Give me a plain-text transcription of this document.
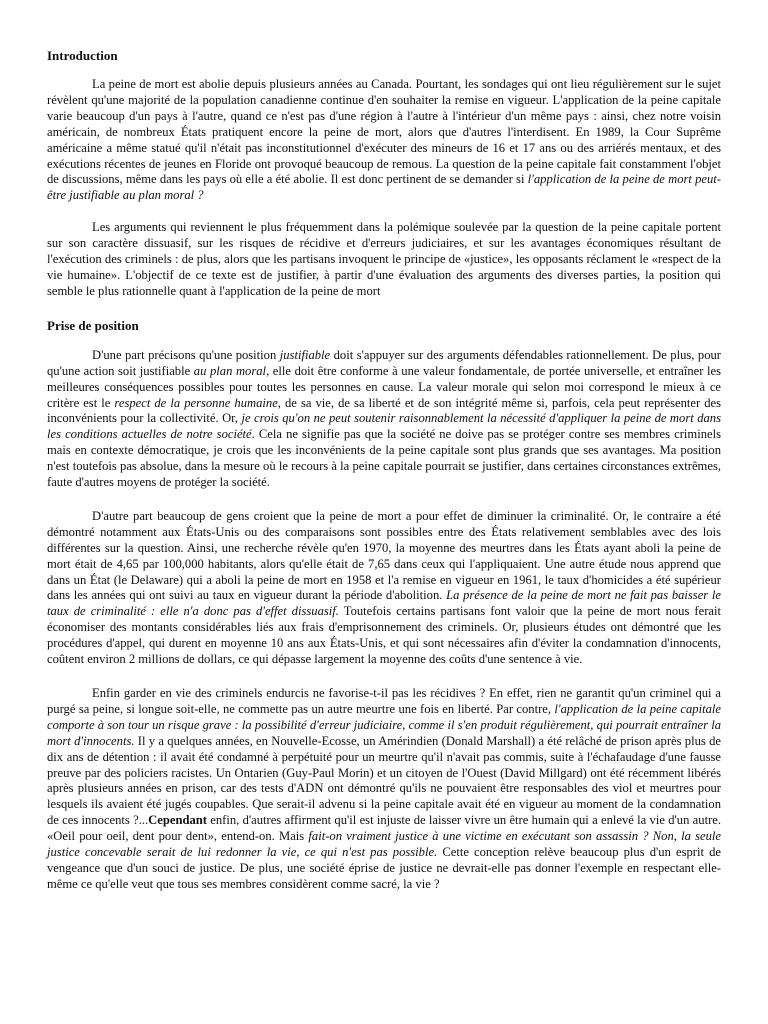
Introduction

La peine de mort est abolie depuis plusieurs années au Canada. Pourtant, les sondages qui ont lieu régulièrement sur le sujet révèlent qu'une majorité de la population canadienne continue d'en souhaiter la remise en vigueur. L'application de la peine capitale varie beaucoup d'un pays à l'autre, quand ce n'est pas d'une région à l'autre à l'intérieur d'un même pays : ainsi, chez notre voisin américain, de nombreux États pratiquent encore la peine de mort, alors que d'autres l'interdisent. En 1989, la Cour Suprême américaine a même statué qu'il n'était pas inconstitutionnel d'exécuter des mineurs de 16 et 17 ans ou des arriérés mentaux, et des exécutions récentes de jeunes en Floride ont provoqué beaucoup de remous. La question de la peine capitale fait constamment l'objet de discussions, même dans les pays où elle a été abolie. Il est donc pertinent de se demander si l'application de la peine de mort peut-être justifiable au plan moral ?

Les arguments qui reviennent le plus fréquemment dans la polémique soulevée par la question de la peine capitale portent sur son caractère dissuasif, sur les risques de récidive et d'erreurs judiciaires, et sur les avantages économiques résultant de l'exécution des criminels : de plus, alors que les partisans invoquent le principe de «justice», les opposants réclament le «respect de la vie humaine». L'objectif de ce texte est de justifier, à partir d'une évaluation des arguments des diverses parties, la position qui semble le plus rationnelle quant à l'application de la peine de mort

Prise de position

D'une part précisons qu'une position justifiable doit s'appuyer sur des arguments défendables rationnellement. De plus, pour qu'une action soit justifiable au plan moral, elle doit être conforme à une valeur fondamentale, de portée universelle, et entraîner les meilleures conséquences possibles pour toutes les personnes en cause. La valeur morale qui selon moi correspond le mieux à ce critère est le respect de la personne humaine, de sa vie, de sa liberté et de son intégrité même si, parfois, cela peut représenter des inconvénients pour la collectivité. Or, je crois qu'on ne peut soutenir raisonnablement la nécessité d'appliquer la peine de mort dans les conditions actuelles de notre société. Cela ne signifie pas que la société ne doive pas se protéger contre ses membres criminels mais en contexte démocratique, je crois que les inconvénients de la peine capitale sont plus grands que ses avantages. Ma position n'est toutefois pas absolue, dans la mesure où le recours à la peine capitale pourrait se justifier, dans certaines circonstances extrêmes, faute d'autres moyens de protéger la société.

D'autre part beaucoup de gens croient que la peine de mort a pour effet de diminuer la criminalité. Or, le contraire a été démontré notamment aux États-Unis ou des comparaisons sont possibles entre des États relativement semblables avec des lois différentes sur la question. Ainsi, une recherche révèle qu'en 1970, la moyenne des meurtres dans les États ayant aboli la peine de mort était de 4,65 par 100,000 habitants, alors qu'elle était de 7,65 dans ceux qui l'appliquaient. Une autre étude nous apprend que dans un État (le Delaware) qui a aboli la peine de mort en 1958 et l'a remise en vigueur en 1961, le taux d'homicides a été supérieur dans les années qui ont suivi au taux en vigueur durant la période d'abolition. La présence de la peine de mort ne fait pas baisser le taux de criminalité : elle n'a donc pas d'effet dissuasif. Toutefois certains partisans font valoir que la peine de mort nous ferait économiser des montants considérables liés aux frais d'emprisonnement des criminels. Or, plusieurs études ont démontré que les procédures d'appel, qui durent en moyenne 10 ans aux États-Unis, et qui sont nécessaires afin d'éviter la condamnation d'innocents, coûtent environ 2 millions de dollars, ce qui dépasse largement la moyenne des coûts d'une sentence à vie.

Enfin garder en vie des criminels endurcis ne favorise-t-il pas les récidives ? En effet, rien ne garantit qu'un criminel qui a purgé sa peine, si longue soit-elle, ne commette pas un autre meurtre une fois en liberté. Par contre, l'application de la peine capitale comporte à son tour un risque grave : la possibilité d'erreur judiciaire, comme il s'en produit régulièrement, qui pourrait entraîner la mort d'innocents. Il y a quelques années, en Nouvelle-Ecosse, un Amérindien (Donald Marshall) a été relâché de prison après plus de dix ans de détention : il avait été condamné à perpétuité pour un meurtre qu'il n'avait pas commis, suite à l'échafaudage d'une fausse preuve par des policiers racistes. Un Ontarien (Guy-Paul Morin) et un citoyen de l'Ouest (David Millgard) ont été récemment libérés après plusieurs années en prison, car des tests d'ADN ont démontré qu'ils ne pouvaient être responsables des viol et meurtres pour lesquels ils avaient été jugés coupables. Que serait-il advenu si la peine capitale avait été en vigueur au moment de la condamnation de ces innocents ?...Cependant enfin, d'autres affirment qu'il est injuste de laisser vivre un être humain qui a enlevé la vie d'un autre. «Oeil pour oeil, dent pour dent», entend-on. Mais fait-on vraiment justice à une victime en exécutant son assassin ? Non, la seule justice concevable serait de lui redonner la vie, ce qui n'est pas possible. Cette conception relève beaucoup plus d'un esprit de vengeance que d'un souci de justice. De plus, une société éprise de justice ne devrait-elle pas donner l'exemple en respectant elle-même ce qu'elle veut que tous ses membres considèrent comme sacré, la vie ?
